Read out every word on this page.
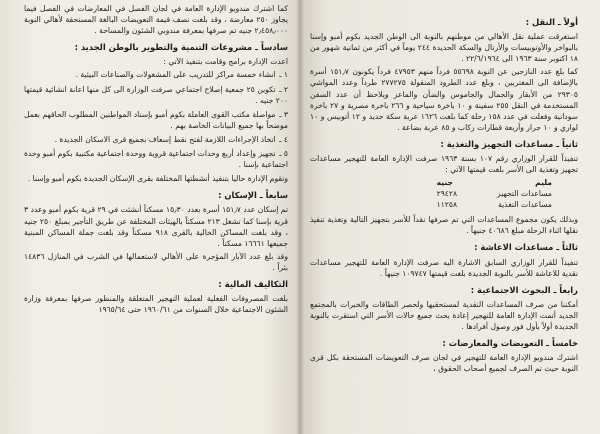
كما اشترك مندوبو الإدارة العامة في لجان الفصل في المعارضات في الفصل فيما يجاوز ٢٥٠ معارضة ، وقد بلغت نصف قيمة التعويضات البالغة المستحقة لأهالي النوبة ٢٫٤٥٨٫٠٠٠ جنيه تم صرفها بمعرفة مندوبي الشئون والمساحة .

سادساً ـ مشروعات التنمية والتطوير بالوطن الجديد :

اعدت الإدارة برامج وقامت بتنفيذ الآتي :

١ ـ انشاء خمسة مراكز للتدريب على المشغولات والصناعات البيئية .
٢ ـ تكوين ٢٥ جمعية إصلاح اجتماعي صرفت الوزارة الى كل منها اعانة انشائية قيمتها ٢٠٠ جنيه .
٣ ـ مواصلة مكتب القوى العاملة بكوم أمبو بإسناد المواطنين المطلوب الحاقهم بعمل موضحاً بها جميع البيانات الخاصة بهم .
٤ ـ اتخاذ الإجراءات اللازمة لفتح نقط إسعاف بجميع قرى الاسكان الجديدة .
٥ ـ تجهيز وإعداد أربع وحدات اجتماعية قروية ووحدة اجتماعية مكتبية بكوم أمبو وحدة اجتماعية بإسنا .

وتقوم الإدارة حاليا بتنفيذ أنشطتها المختلفة بقرى الإسكان الجديدة بكوم أمبو وإسنا .

سابعاً ـ الإسكان :

تم إسكان عدد ١٥١٫٧ أسرة بعدد ١٥٫٣٠ مسكناً أنشئت في ٢٩ قرية بكوم أمبو وعدد ٣ قرية بإسنا كما تشغل ٢١٣ مسكناً بالهيئات المختلفة عن طريق التأجير بمبلغ ٢٥٠ جنيه ، وقد بلغت المساكن الخالية بالقرى ٩١٨ مسكناً وقد بلغت جملة المساكن المبنية جميعها ١٦٦٦١ مسكناً .

وقد بلغ عدد الآبار المؤجرة على الأهالي لاستعمالها في الشرب في المنازل ١٤٨٣٦ بئراً .

التكاليف المالية :

بلغت المصروفات الفعلية لعملية التهجير المتعلقة والمنظور صرفها بمعرفة وزارة الشئون الاجتماعية خلال السنوات من ١٩٦٠/٦١ حتى ١٩٦٥/٦٤

أولاً ـ النقل :

استغرقت عملية نقل الأهالي من موطنهم بالنوبة الى الوطن الجديد بكوم أمبو وإسنا بالبواخر والأوتوبيسات والأرتال والسكة الحديدة ٢٤٤ يوماً في أكثر من ثمانية شهور من ١٨ اكتوبر سنة ١٩٦٣ الى ٢٢/٦/١٩٦٤ .

كما بلغ عدد النازحين عن النوبة ٥٥٦٩٨ فرداً منهم ٤٧٩٥٣ فرداً يكونون ١٥١٫٧ أسرة بالإضافة الى المغتربين ، وبلغ عدد الطرود المنقولة ٢٧٧٢٧٥ طرداً وعدد المواشي ٢٩٣٠٥ من الأبقار والجمال والجاموس والضأن والماعز ويلاحظ أن عدد السفن المستخدمة في النقل ٢٥٥ سفينة و ١٠ باخرة سياحية و ٢٦٦ باخرة مصرية و ٢٧ باخرة سودانية وفعلت في عدد ١٥٨ رحلة كما بلغت ١٦٢٦ عربة سكة حديد و ١٢ أتوبيس و ١٠ لواري و ١٠ جرار وأربعة قطارات ركاب و ٨٥ عربة بضاعة .

ثانياً ـ مساعدات التجهيز والتغذية :

تنفيذاً للقرار الوزاري رقم ١٠٧ بسنة ١٩٦٣ صرفت الإدارة العامة للتهجير مساعدات تجهيز وتغذية الى الأسر بلغت قيمتها الآتي :

مليم	جنيه
مساعدات التجهيز	٢٩٤٢٨
مساعدات التغذية	١١٢٥٨

وبذلك يكون مجموع المساعدات التي تم صرفها نقداً للأسر بتجهيز التالية وتغذية تنفيذ نقلها اثناء الرحلة مبلغ ٤٠٦٨٦ جنيهاً .

ثالثاً ـ مساعدات الاعاشة :

تنفيذاً للقرار الوزاري السابق الاشارة اليه صرفت الإدارة العامة للتهجير مساعدات نقدية للاعاشة للأسر بالنوبة الجديدة بلغت قيمتها ١٠٩٧٤٧ جنيهاً .

رابعاً ـ البحوث الاجتماعية :

أمكننا من صرف المساعدات النقدية لمستحقيها ولحصر الطاقات والخبرات بالمجتمع الجديد أتمت الإدارة العامة للتهجير إعادة بحث جميع حالات الأسر التي استقرت بالنوبة الجديدة أولاً بأول فور وصول أفرادها .

خامساً ـ التعويضات والمعارضات :

اشترك مندوبو الإدارة العامة للتهجير في لجان صرف التعويضات المستحقة بكل قرى النوبة حيث تم الصرف لجميع أصحاب الحقوق ،
